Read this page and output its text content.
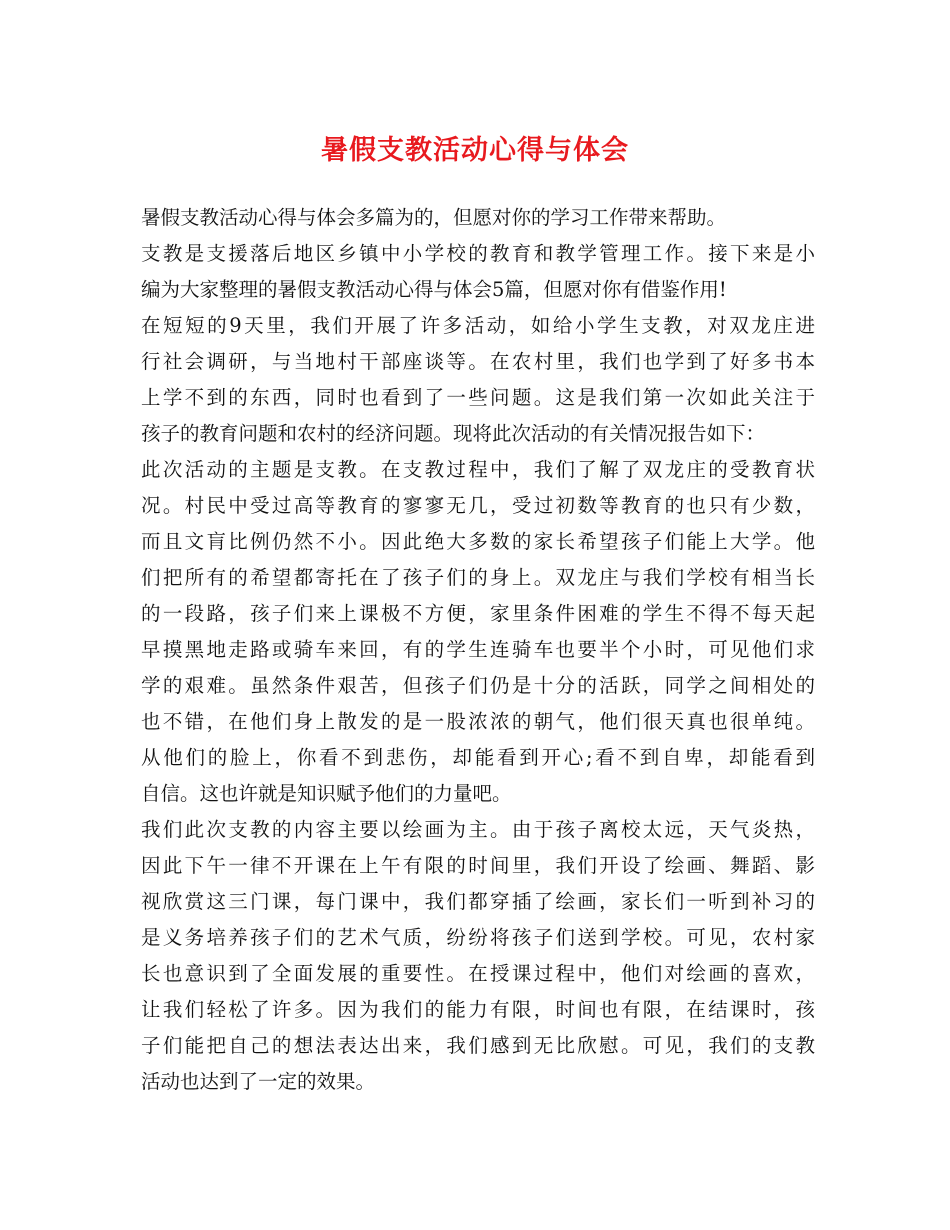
暑假支教活动心得与体会
暑假支教活动心得与体会多篇为的，但愿对你的学习工作带来帮助。
支教是支援落后地区乡镇中小学校的教育和教学管理工作。接下来是小
编为大家整理的暑假支教活动心得与体会5篇，但愿对你有借鉴作用!
在短短的9天里，我们开展了许多活动，如给小学生支教，对双龙庄进
行社会调研，与当地村干部座谈等。在农村里，我们也学到了好多书本
上学不到的东西，同时也看到了一些问题。这是我们第一次如此关注于
孩子的教育问题和农村的经济问题。现将此次活动的有关情况报告如下：
此次活动的主题是支教。在支教过程中，我们了解了双龙庄的受教育状
况。村民中受过高等教育的寥寥无几，受过初数等教育的也只有少数，
而且文肓比例仍然不小。因此绝大多数的家长希望孩子们能上大学。他
们把所有的希望都寄托在了孩子们的身上。双龙庄与我们学校有相当长
的一段路，孩子们来上课极不方便，家里条件困难的学生不得不每天起
早摸黑地走路或骑车来回，有的学生连骑车也要半个小时，可见他们求
学的艰难。虽然条件艰苦，但孩子们仍是十分的活跃，同学之间相处的
也不错，在他们身上散发的是一股浓浓的朝气，他们很天真也很单纯。
从他们的脸上，你看不到悲伤，却能看到开心;看不到自卑，却能看到
自信。这也许就是知识赋予他们的力量吧。
我们此次支教的内容主要以绘画为主。由于孩子离校太远，天气炎热，
因此下午一律不开课在上午有限的时间里，我们开设了绘画、舞蹈、影
视欣赏这三门课，每门课中，我们都穿插了绘画，家长们一听到补习的
是义务培养孩子们的艺术气质，纷纷将孩子们送到学校。可见，农村家
长也意识到了全面发展的重要性。在授课过程中，他们对绘画的喜欢，
让我们轻松了许多。因为我们的能力有限，时间也有限，在结课时，孩
子们能把自己的想法表达出来，我们感到无比欣慰。可见，我们的支教
活动也达到了一定的效果。
